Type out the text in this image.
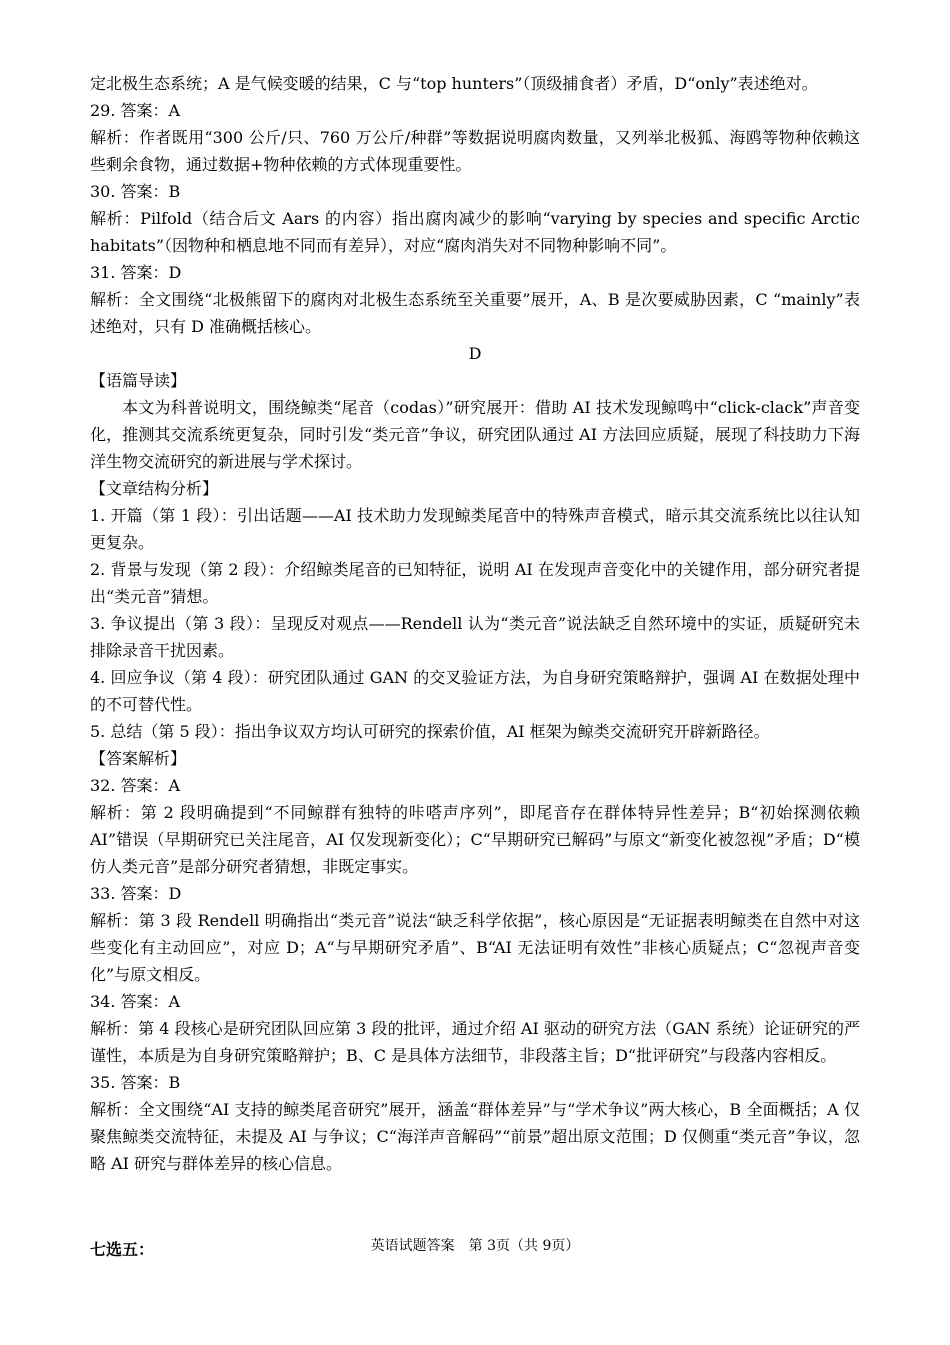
定北极生态系统；A 是气候变暖的结果，C 与“top hunters”（顶级捕食者）矛盾，D“only”表述绝对。

29. 答案：A

解析：作者既用“300 公斤/只、760 万公斤/种群”等数据说明腐肉数量，又列举北极狐、海鸥等物种依赖这些剩余食物，通过数据+物种依赖的方式体现重要性。

30. 答案：B

解析：Pilfold（结合后文 Aars 的内容）指出腐肉减少的影响“varying by species and specific Arctic habitats”（因物种和栖息地不同而有差异），对应“腐肉消失对不同物种影响不同”。

31. 答案：D

解析：全文围绕“北极熊留下的腐肉对北极生态系统至关重要”展开，A、B 是次要威胁因素，C “mainly”表述绝对，只有 D 准确概括核心。

D

【语篇导读】

本文为科普说明文，围绕鲸类“尾音（codas）”研究展开：借助 AI 技术发现鲸鸣中“click-clack”声音变化，推测其交流系统更复杂，同时引发“类元音”争议，研究团队通过 AI 方法回应质疑，展现了科技助力下海洋生物交流研究的新进展与学术探讨。

【文章结构分析】

1. 开篇（第 1 段）：引出话题——AI 技术助力发现鲸类尾音中的特殊声音模式，暗示其交流系统比以往认知更复杂。

2. 背景与发现（第 2 段）：介绍鲸类尾音的已知特征，说明 AI 在发现声音变化中的关键作用，部分研究者提出“类元音”猜想。

3. 争议提出（第 3 段）：呈现反对观点——Rendell 认为“类元音”说法缺乏自然环境中的实证，质疑研究未排除录音干扰因素。

4. 回应争议（第 4 段）：研究团队通过 GAN 的交叉验证方法，为自身研究策略辩护，强调 AI 在数据处理中的不可替代性。

5. 总结（第 5 段）：指出争议双方均认可研究的探索价值，AI 框架为鲸类交流研究开辟新路径。

【答案解析】

32. 答案：A

解析：第 2 段明确提到“不同鲸群有独特的咔嗒声序列”，即尾音存在群体特异性差异；B“初始探测依赖AI”错误（早期研究已关注尾音，AI 仅发现新变化）；C“早期研究已解码”与原文“新变化被忽视”矛盾；D“模仿人类元音”是部分研究者猜想，非既定事实。

33. 答案：D

解析：第 3 段 Rendell 明确指出“类元音”说法“缺乏科学依据”，核心原因是“无证据表明鲸类在自然中对这些变化有主动回应”，对应 D；A“与早期研究矛盾”、B“AI 无法证明有效性”非核心质疑点；C“忽视声音变化”与原文相反。

34. 答案：A

解析：第 4 段核心是研究团队回应第 3 段的批评，通过介绍 AI 驱动的研究方法（GAN 系统）论证研究的严谨性，本质是为自身研究策略辩护；B、C 是具体方法细节，非段落主旨；D“批评研究”与段落内容相反。

35. 答案：B

解析：全文围绕“AI 支持的鲸类尾音研究”展开，涵盖“群体差异”与“学术争议”两大核心，B 全面概括；A 仅聚焦鲸类交流特征，未提及 AI 与争议；C“海洋声音解码”“前景”超出原文范围；D 仅侧重“类元音”争议，忽略 AI 研究与群体差异的核心信息。

七选五：	英语试题答案　第 3页（共 9页）
